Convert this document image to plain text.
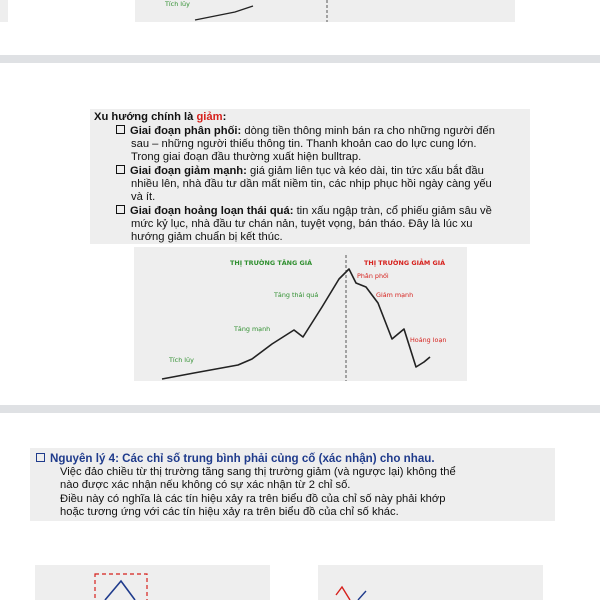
Tích lũy
Xu hướng chính là giảm:
Giai đoạn phân phối: dòng tiền thông minh bán ra cho những người đến
sau – những người thiếu thông tin. Thanh khoản cao do lực cung lớn.
Trong giai đoạn đầu thường xuất hiện bulltrap.
Giai đoạn giảm mạnh: giá giảm liên tục và kéo dài, tin tức xấu bắt đầu
nhiều lên, nhà đầu tư dần mất niềm tin, các nhịp phục hồi ngày càng yếu
và ít.
Giai đoạn hoảng loạn thái quá: tin xấu ngập tràn, cổ phiếu giảm sâu về
mức kỷ lục, nhà đầu tư chán nản, tuyệt vọng, bán tháo. Đây là lúc xu
hướng giảm chuẩn bị kết thúc.
THỊ TRƯỜNG TĂNG GIÁ	THỊ TRƯỜNG GIẢM GIÁ
Tích lũy
Tăng mạnh
Tăng thái quá
Phân phối
Giảm mạnh
Hoảng loạn
Nguyên lý 4: Các chỉ số trung bình phải củng cố (xác nhận) cho nhau.
Việc đảo chiều từ thị trường tăng sang thị trường giảm (và ngược lại) không thể
nào được xác nhận nếu không có sự xác nhận từ 2 chỉ số.
Điều này có nghĩa là các tín hiệu xảy ra trên biểu đồ của chỉ số này phải khớp
hoặc tương ứng với các tín hiệu xảy ra trên biểu đồ của chỉ số khác.
